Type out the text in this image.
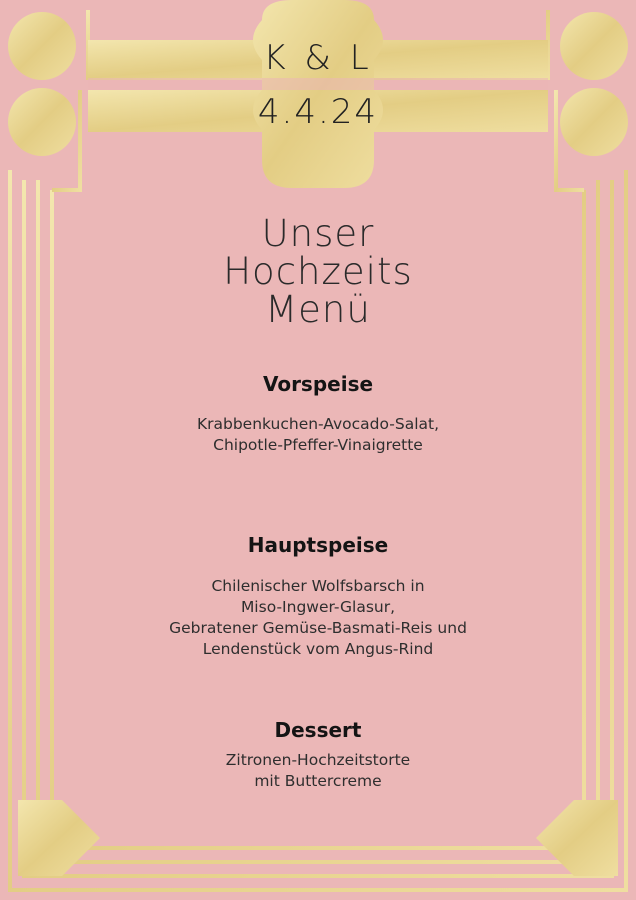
K & L
4.4.24
Unser
Hochzeits
Menü
Vorspeise
Krabbenkuchen-Avocado-Salat,
Chipotle-Pfeffer-Vinaigrette
Hauptspeise
Chilenischer Wolfsbarsch in
Miso-Ingwer-Glasur,
Gebratener Gemüse-Basmati-Reis und
Lendenstück vom Angus-Rind
Dessert
Zitronen-Hochzeitstorte
mit Buttercreme
